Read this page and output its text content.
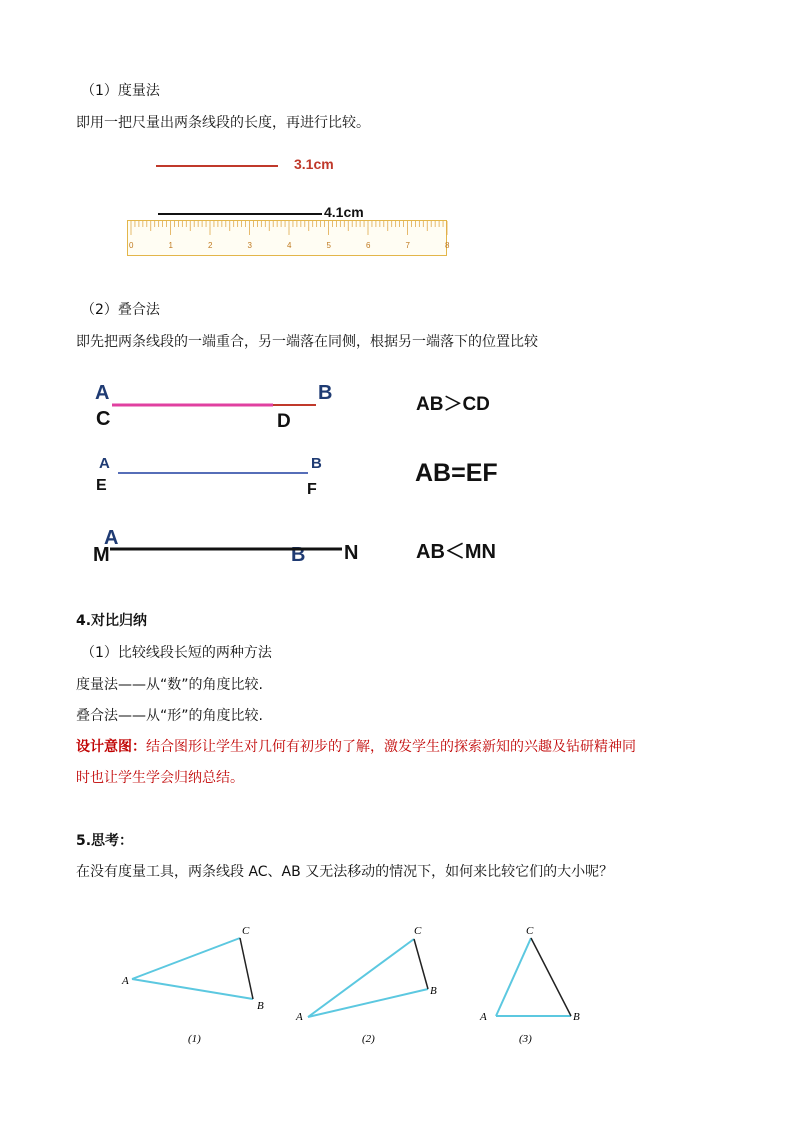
（1）度量法
即用一把尺量出两条线段的长度，再进行比较。
3.1cm
4.1cm
0	1	2	3	4	5	6	7	8
（2）叠合法
即先把两条线段的一端重合，另一端落在同侧，根据另一端落下的位置比较
A
C
B
D
AB＞CD
A
E
B
F
AB=EF
A
M	B N	AB＜MN
4.对比归纳
（1）比较线段长短的两种方法
度量法——从“数”的角度比较.
叠合法——从“形”的角度比较.
设计意图：结合图形让学生对几何有初步的了解，激发学生的探索新知的兴趣及钻研精神同
时也让学生学会归纳总结。
5.思考：
在没有度量工具，两条线段 AC、AB 又无法移动的情况下，如何来比较它们的大小呢？
A
B
C
(1)
A
B
C
(2)
A	B
C
(3)
